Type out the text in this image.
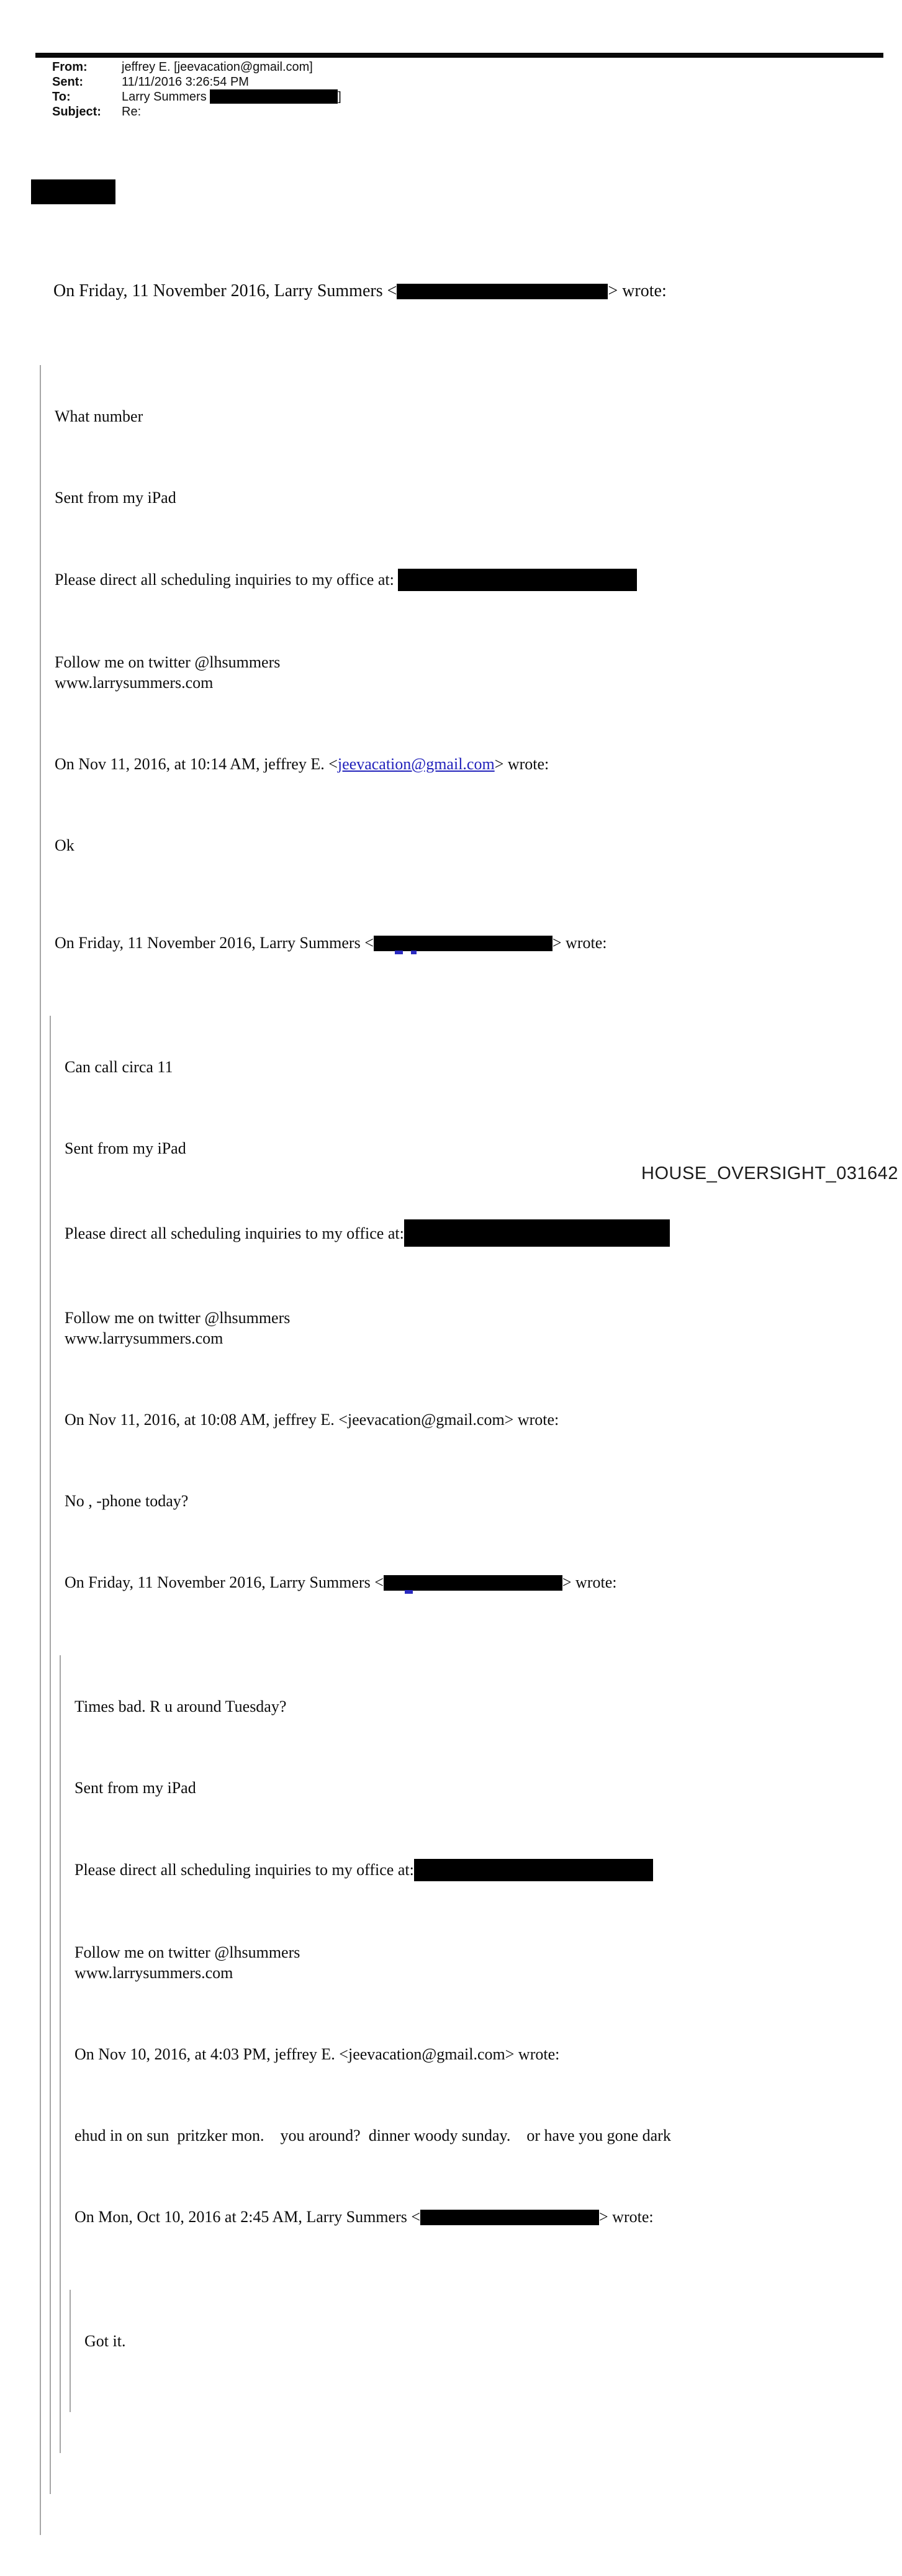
From:	jeffrey E. [jeevacation@gmail.com]
Sent:	11/11/2016 3:26:54 PM
To:	Larry Summers	]
Subject:	Re:

On Friday, 11 November 2016, Larry Summers <	> wrote:

What number

Sent from my iPad

Please direct all scheduling inquiries to my office at:

Follow me on twitter @lhsummers
www.larrysummers.com

On Nov 11, 2016, at 10:14 AM, jeffrey E. <jeevacation@gmail.com> wrote:

Ok

On Friday, 11 November 2016, Larry Summers <	> wrote:

Can call circa 11

Sent from my iPad

Please direct all scheduling inquiries to my office at:

Follow me on twitter @lhsummers
www.larrysummers.com

On Nov 11, 2016, at 10:08 AM, jeffrey E. <jeevacation@gmail.com> wrote:

No , -phone today?

On Friday, 11 November 2016, Larry Summers <	> wrote:

Times bad. R u around Tuesday?

Sent from my iPad

Please direct all scheduling inquiries to my office at:

Follow me on twitter @lhsummers
www.larrysummers.com

On Nov 10, 2016, at 4:03 PM, jeffrey E. <jeevacation@gmail.com> wrote:

ehud in on sun  pritzker mon.    you around?  dinner woody sunday.    or have you gone dark

On Mon, Oct 10, 2016 at 2:45 AM, Larry Summers <	> wrote:

Got it.

HOUSE_OVERSIGHT_031642
